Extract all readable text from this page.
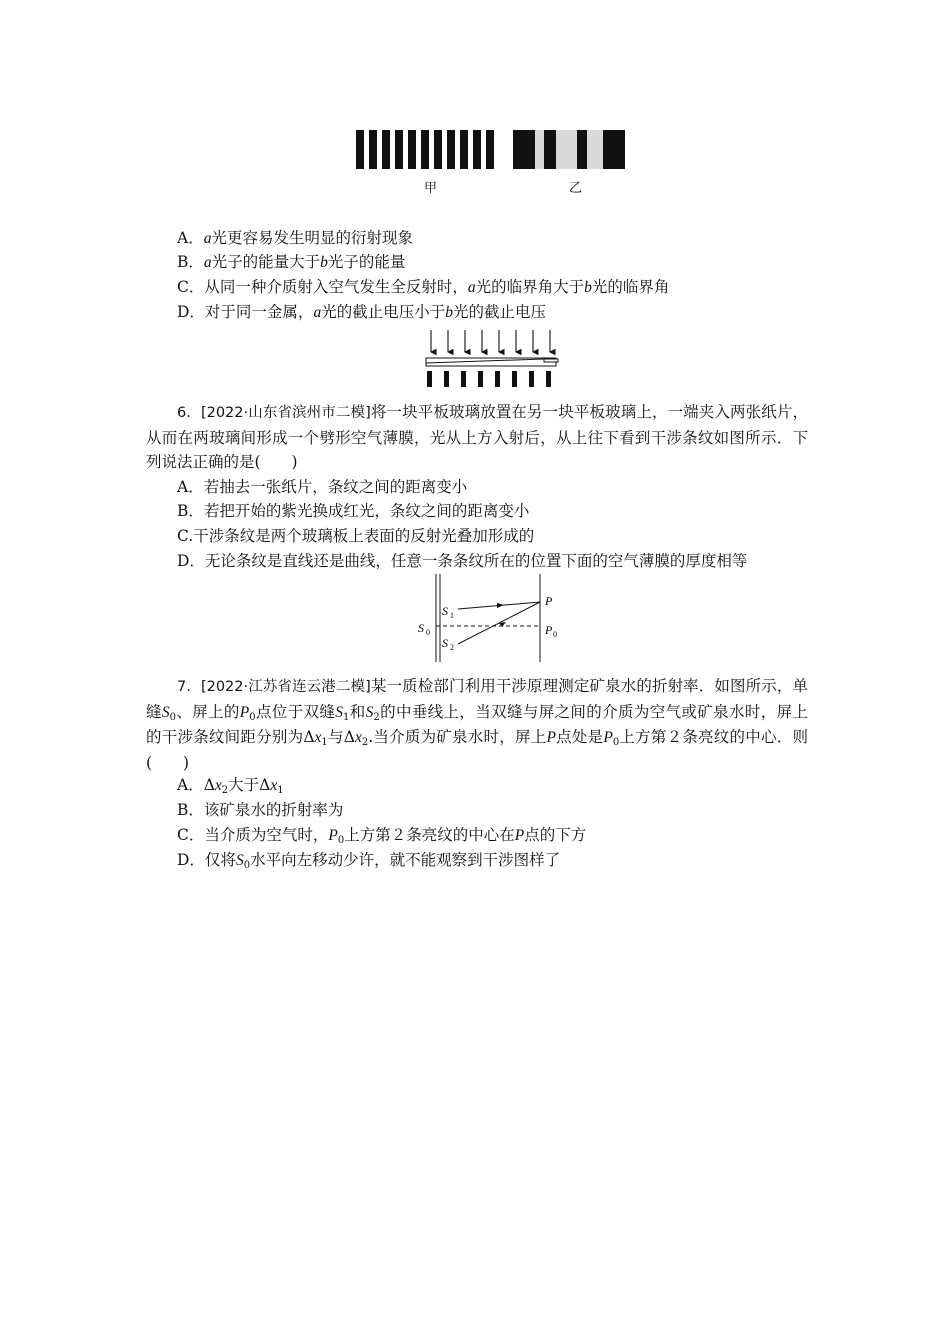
甲	乙
A．a光更容易发生明显的衍射现象
B．a光子的能量大于b光子的能量
C．从同一种介质射入空气发生全反射时，a光的临界角大于b光的临界角
D．对于同一金属，a光的截止电压小于b光的截止电压
6．[2022·山东省滨州市二模]将一块平板玻璃放置在另一块平板玻璃上，一端夹入两张纸片，从而在两玻璃间形成一个劈形空气薄膜，光从上方入射后，从上往下看到干涉条纹如图所示．下列说法正确的是(　　)
A．若抽去一张纸片，条纹之间的距离变小
B．若把开始的紫光换成红光，条纹之间的距离变小
C.干涉条纹是两个玻璃板上表面的反射光叠加形成的
D．无论条纹是直线还是曲线，任意一条条纹所在的位置下面的空气薄膜的厚度相等
S 0
S 1
S 2
P
P 0
7．[2022·江苏省连云港二模]某一质检部门利用干涉原理测定矿泉水的折射率．如图所示，单缝$S_0$、屏上的$P_0$点位于双缝$S_1$和$S_2$的中垂线上，当双缝与屏之间的介质为空气或矿泉水时，屏上的干涉条纹间距分别为$\Delta x_1$与$\Delta x_2$.当介质为矿泉水时，屏上P点处是$P_0$上方第２条亮纹的中心．则(　　)
A．$\Delta x_2$大于$\Delta x_1$
B．该矿泉水的折射率为
C．当介质为空气时，$P_0$上方第２条亮纹的中心在P点的下方
D．仅将$S_0$水平向左移动少许，就不能观察到干涉图样了
